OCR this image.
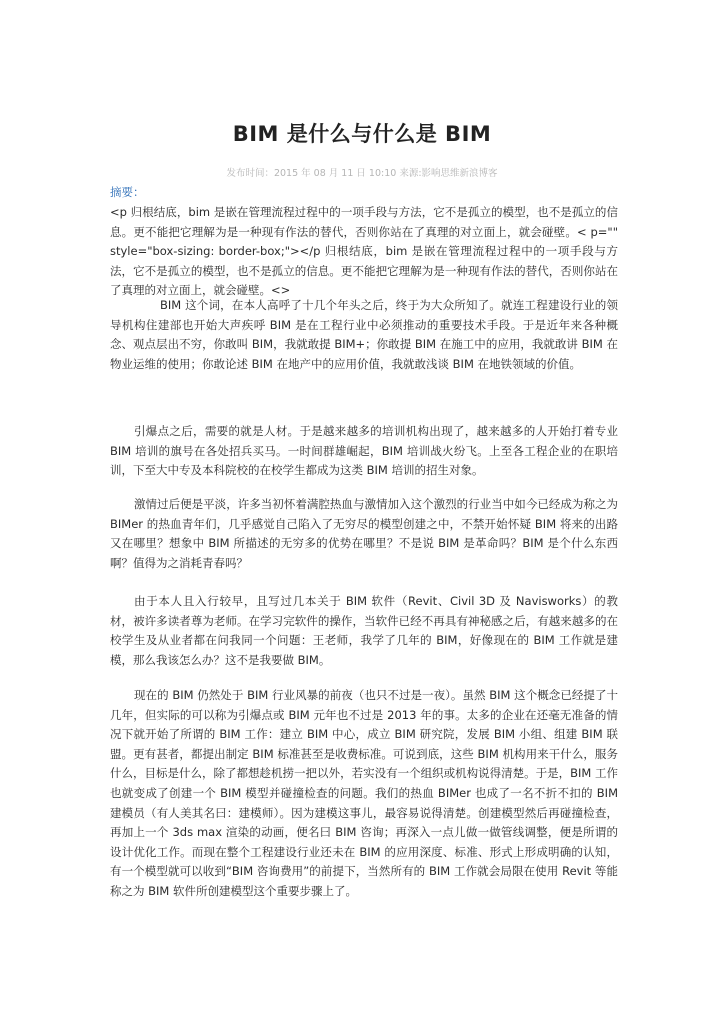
BIM 是什么与什么是 BIM
发布时间：2015 年 08 月 11 日 10:10 来源:影响思维新浪博客
摘要：
<p 归根结底，bim 是嵌在管理流程过程中的一项手段与方法，它不是孤立的模型，也不是孤立的信息。更不能把它理解为是一种现有作法的替代，否则你站在了真理的对立面上，就会碰壁。< p="" style="box-sizing: border-box;"></p 归根结底，bim 是嵌在管理流程过程中的一项手段与方法，它不是孤立的模型，也不是孤立的信息。更不能把它理解为是一种现有作法的替代，否则你站在了真理的对立面上，就会碰壁。<>
BIM 这个词，在本人高呼了十几个年头之后，终于为大众所知了。就连工程建设行业的领导机构住建部也开始大声疾呼 BIM 是在工程行业中必须推动的重要技术手段。于是近年来各种概念、观点层出不穷，你敢叫 BIM，我就敢提 BIM+；你敢提 BIM 在施工中的应用，我就敢讲 BIM 在物业运维的使用；你敢论述 BIM 在地产中的应用价值，我就敢浅谈 BIM 在地铁领域的价值。
引爆点之后，需要的就是人材。于是越来越多的培训机构出现了，越来越多的人开始打着专业 BIM 培训的旗号在各处招兵买马。一时间群雄崛起，BIM 培训战火纷飞。上至各工程企业的在职培训，下至大中专及本科院校的在校学生都成为这类 BIM 培训的招生对象。
激情过后便是平淡，许多当初怀着满腔热血与激情加入这个激烈的行业当中如今已经成为称之为 BIMer 的热血青年们，几乎感觉自己陷入了无穷尽的模型创建之中，不禁开始怀疑 BIM 将来的出路又在哪里？想象中 BIM 所描述的无穷多的优势在哪里？不是说 BIM 是革命吗？BIM 是个什么东西啊？值得为之消耗青春吗？
由于本人且入行较早，且写过几本关于 BIM 软件（Revit、Civil 3D 及 Navisworks）的教材，被许多读者尊为老师。在学习完软件的操作，当软件已经不再具有神秘感之后，有越来越多的在校学生及从业者都在问我同一个问题：王老师，我学了几年的 BIM，好像现在的 BIM 工作就是建模，那么我该怎么办？这不是我要做 BIM。
现在的 BIM 仍然处于 BIM 行业风暴的前夜（也只不过是一夜）。虽然 BIM 这个概念已经提了十几年，但实际的可以称为引爆点或 BIM 元年也不过是 2013 年的事。太多的企业在还毫无准备的情况下就开始了所谓的 BIM 工作：建立 BIM 中心，成立 BIM 研究院，发展 BIM 小组、组建 BIM 联盟。更有甚者，都提出制定 BIM 标准甚至是收费标准。可说到底，这些 BIM 机构用来干什么，服务什么，目标是什么，除了都想趁机捞一把以外，若实没有一个组织或机构说得清楚。于是，BIM 工作也就变成了创建一个 BIM 模型并碰撞检查的问题。我们的热血 BIMer 也成了一名不折不扣的 BIM 建模员（有人美其名曰：建模师）。因为建模这事儿，最容易说得清楚。创建模型然后再碰撞检查，再加上一个 3ds max 渲染的动画，便名曰 BIM 咨询；再深入一点儿做一做管线调整，便是所谓的设计优化工作。而现在整个工程建设行业还未在 BIM 的应用深度、标准、形式上形成明确的认知，有一个模型就可以收到“BIM 咨询费用”的前提下，当然所有的 BIM 工作就会局限在使用 Revit 等能称之为 BIM 软件所创建模型这个重要步骤上了。
